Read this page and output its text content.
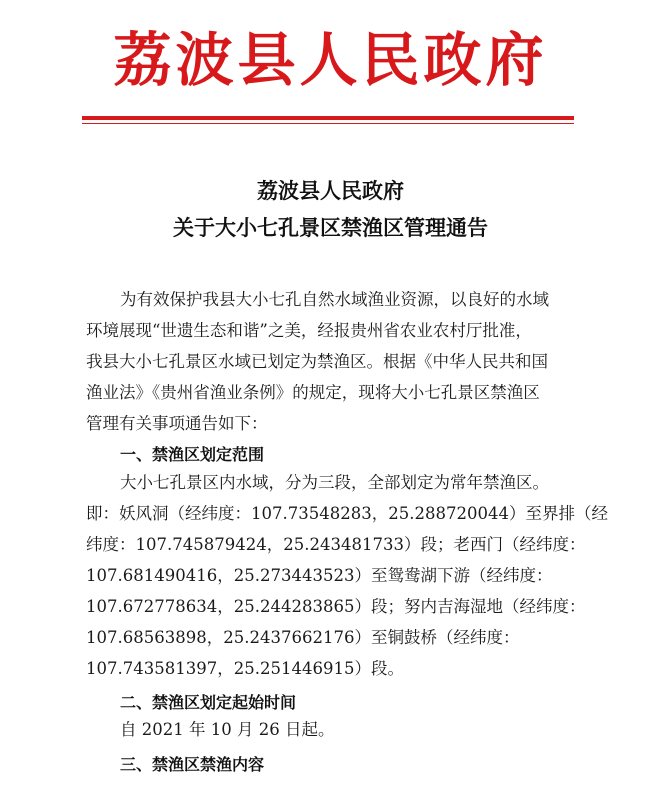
荔波县人民政府
荔波县人民政府
关于大小七孔景区禁渔区管理通告
为有效保护我县大小七孔自然水域渔业资源，以良好的水域
环境展现“世遗生态和谐”之美，经报贵州省农业农村厅批准，
我县大小七孔景区水域已划定为禁渔区。根据《中华人民共和国
渔业法》《贵州省渔业条例》的规定，现将大小七孔景区禁渔区
管理有关事项通告如下：
一、禁渔区划定范围
大小七孔景区内水域，分为三段，全部划定为常年禁渔区。
即：妖风洞（经纬度：107.73548283，25.288720044）至界排（经
纬度：107.745879424，25.243481733）段；老西门（经纬度：
107.681490416，25.273443523）至鸳鸯湖下游（经纬度：
107.672778634，25.244283865）段；努内吉海湿地（经纬度：
107.68563898，25.2437662176）至铜鼓桥（经纬度：
107.743581397，25.251446915）段。
二、禁渔区划定起始时间
自 2021 年 10 月 26 日起。
三、禁渔区禁渔内容
